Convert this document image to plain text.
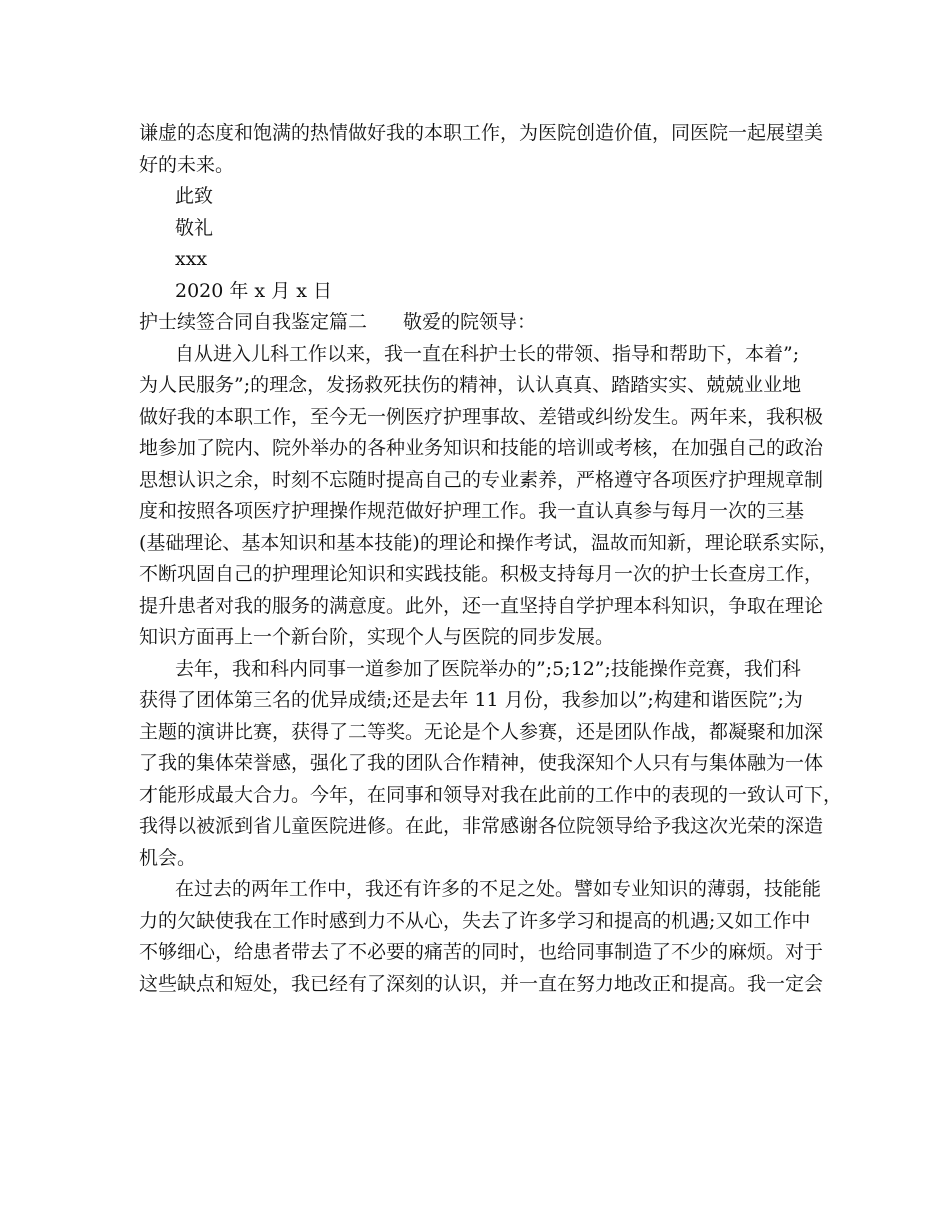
谦虚的态度和饱满的热情做好我的本职工作，为医院创造价值，同医院一起展望美
好的未来。
此致
敬礼
xxx
2020 年 x 月 x 日
护士续签合同自我鉴定篇二 敬爱的院领导：
自从进入儿科工作以来，我一直在科护士长的带领、指导和帮助下，本着”;
为人民服务”;的理念，发扬救死扶伤的精神，认认真真、踏踏实实、兢兢业业地
做好我的本职工作，至今无一例医疗护理事故、差错或纠纷发生。两年来，我积极
地参加了院内、院外举办的各种业务知识和技能的培训或考核，在加强自己的政治
思想认识之余，时刻不忘随时提高自己的专业素养，严格遵守各项医疗护理规章制
度和按照各项医疗护理操作规范做好护理工作。我一直认真参与每月一次的三基
(基础理论、基本知识和基本技能)的理论和操作考试，温故而知新，理论联系实际，
不断巩固自己的护理理论知识和实践技能。积极支持每月一次的护士长查房工作，
提升患者对我的服务的满意度。此外，还一直坚持自学护理本科知识，争取在理论
知识方面再上一个新台阶，实现个人与医院的同步发展。
去年，我和科内同事一道参加了医院举办的”;5;12”;技能操作竞赛，我们科
获得了团体第三名的优异成绩;还是去年 11 月份，我参加以”;构建和谐医院”;为
主题的演讲比赛，获得了二等奖。无论是个人参赛，还是团队作战，都凝聚和加深
了我的集体荣誉感，强化了我的团队合作精神，使我深知个人只有与集体融为一体
才能形成最大合力。今年，在同事和领导对我在此前的工作中的表现的一致认可下，
我得以被派到省儿童医院进修。在此，非常感谢各位院领导给予我这次光荣的深造
机会。
在过去的两年工作中，我还有许多的不足之处。譬如专业知识的薄弱，技能能
力的欠缺使我在工作时感到力不从心，失去了许多学习和提高的机遇;又如工作中
不够细心，给患者带去了不必要的痛苦的同时，也给同事制造了不少的麻烦。对于
这些缺点和短处，我已经有了深刻的认识，并一直在努力地改正和提高。我一定会
